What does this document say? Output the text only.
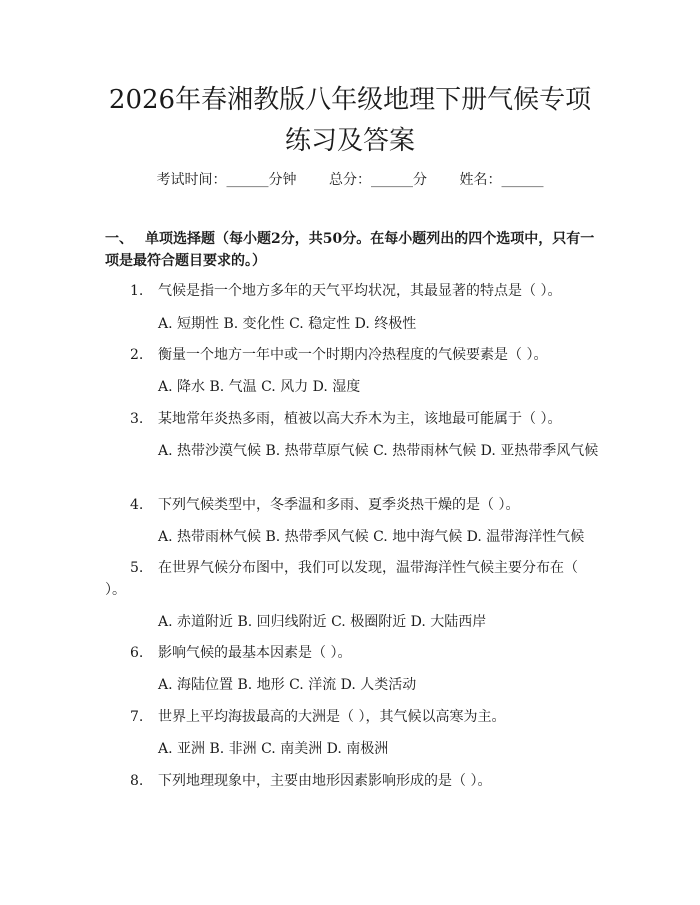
2026年春湘教版八年级地理下册气候专项练习及答案
考试时间：______分钟 总分：______分 姓名：______
一、 单项选择题（每小题2分，共50分。在每小题列出的四个选项中，只有一项是最符合题目要求的。）
1. 气候是指一个地方多年的天气平均状况，其最显著的特点是（ ）。
A. 短期性 B. 变化性 C. 稳定性 D. 终极性
2. 衡量一个地方一年中或一个时期内冷热程度的气候要素是（ ）。
A. 降水 B. 气温 C. 风力 D. 湿度
3. 某地常年炎热多雨，植被以高大乔木为主，该地最可能属于（ ）。
A. 热带沙漠气候 B. 热带草原气候 C. 热带雨林气候 D. 亚热带季风气候
4. 下列气候类型中，冬季温和多雨、夏季炎热干燥的是（ ）。
A. 热带雨林气候 B. 热带季风气候 C. 地中海气候 D. 温带海洋性气候
5. 在世界气候分布图中，我们可以发现，温带海洋性气候主要分布在（ ）。
A. 赤道附近 B. 回归线附近 C. 极圈附近 D. 大陆西岸
6. 影响气候的最基本因素是（ ）。
A. 海陆位置 B. 地形 C. 洋流 D. 人类活动
7. 世界上平均海拔最高的大洲是（ ），其气候以高寒为主。
A. 亚洲 B. 非洲 C. 南美洲 D. 南极洲
8. 下列地理现象中，主要由地形因素影响形成的是（ ）。
